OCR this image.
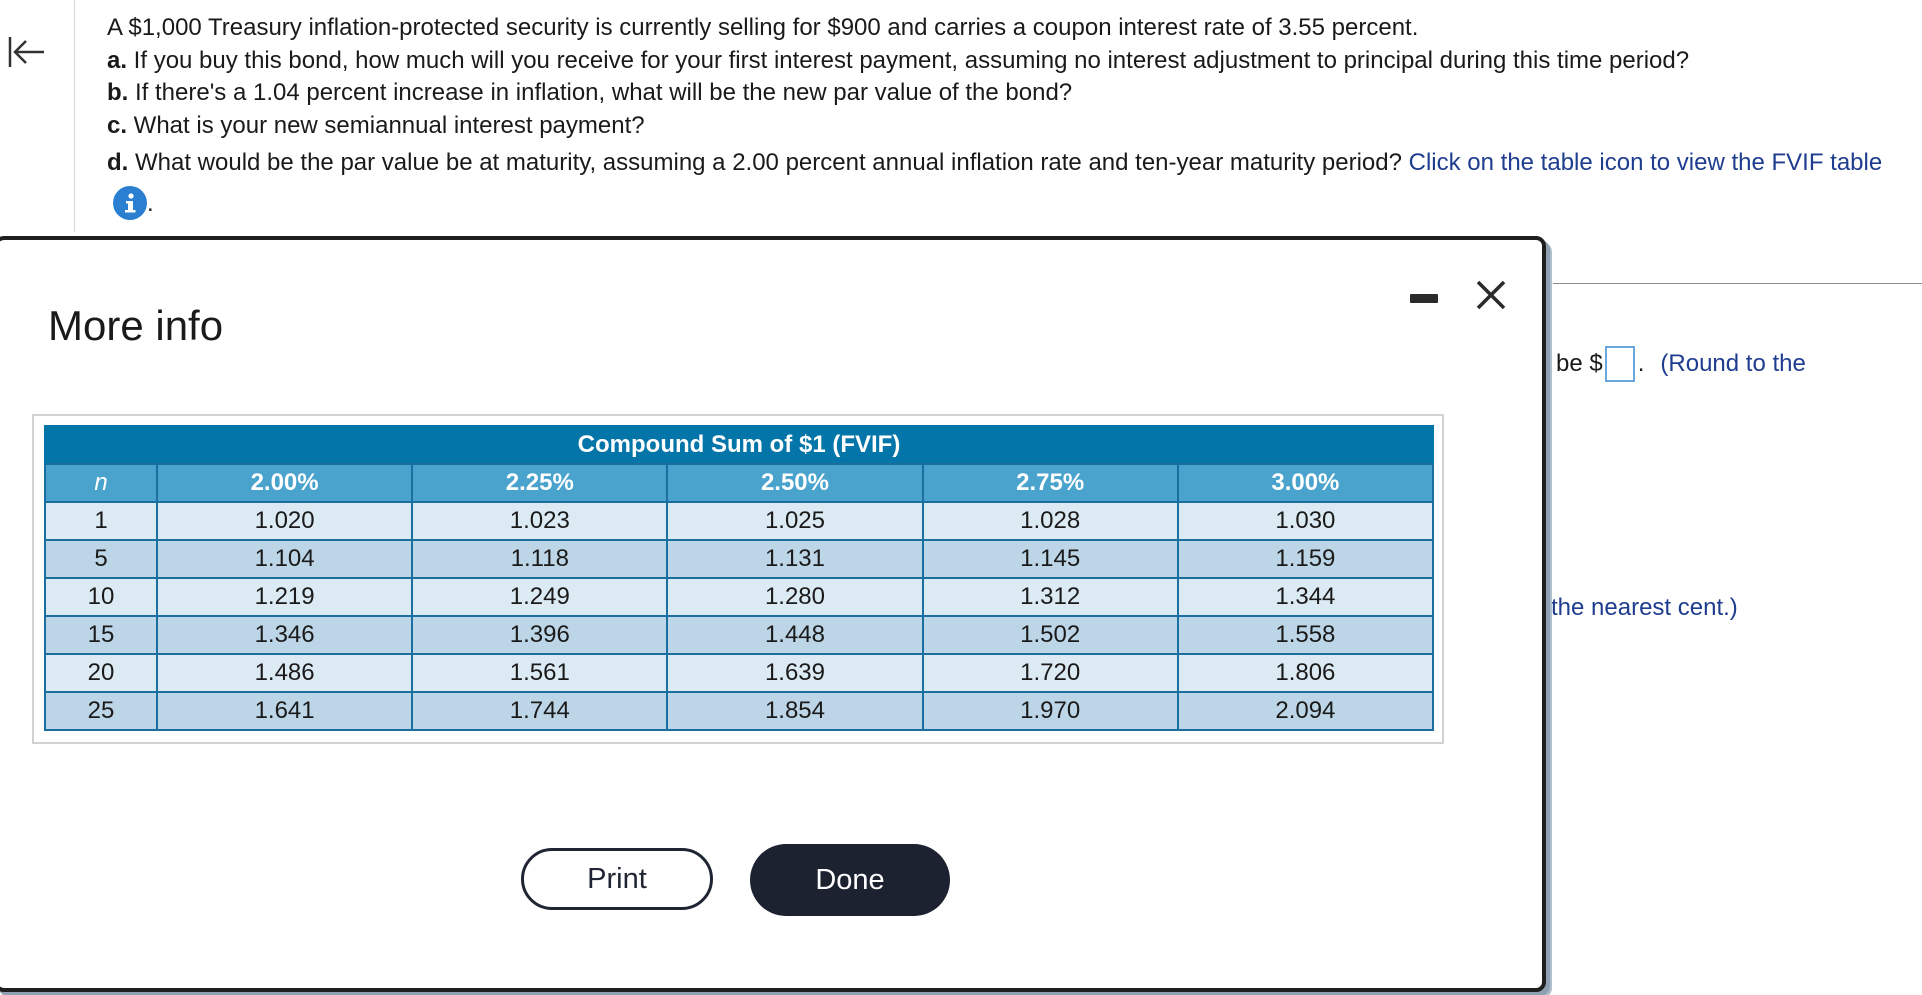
A $1,000 Treasury inflation-protected security is currently selling for $900 and carries a coupon interest rate of 3.55 percent.

a. If you buy this bond, how much will you receive for your first interest payment, assuming no interest adjustment to principal during this time period?

b. If there's a 1.04 percent increase in inflation, what will be the new par value of the bond?

c. What is your new semiannual interest payment?

d. What would be the par value be at maturity, assuming a 2.00 percent annual inflation rate and ten-year maturity period? Click on the table icon to view the FVIF table
.

be $ . (Round to the
the nearest cent.)
More info
Compound Sum of $1 (FVIF)					
n	2.00%	2.25%	2.50%	2.75%	3.00%
1	1.020	1.023	1.025	1.028	1.030
5	1.104	1.118	1.131	1.145	1.159
10	1.219	1.249	1.280	1.312	1.344
15	1.346	1.396	1.448	1.502	1.558
20	1.486	1.561	1.639	1.720	1.806
25	1.641	1.744	1.854	1.970	2.094
Print	Done
